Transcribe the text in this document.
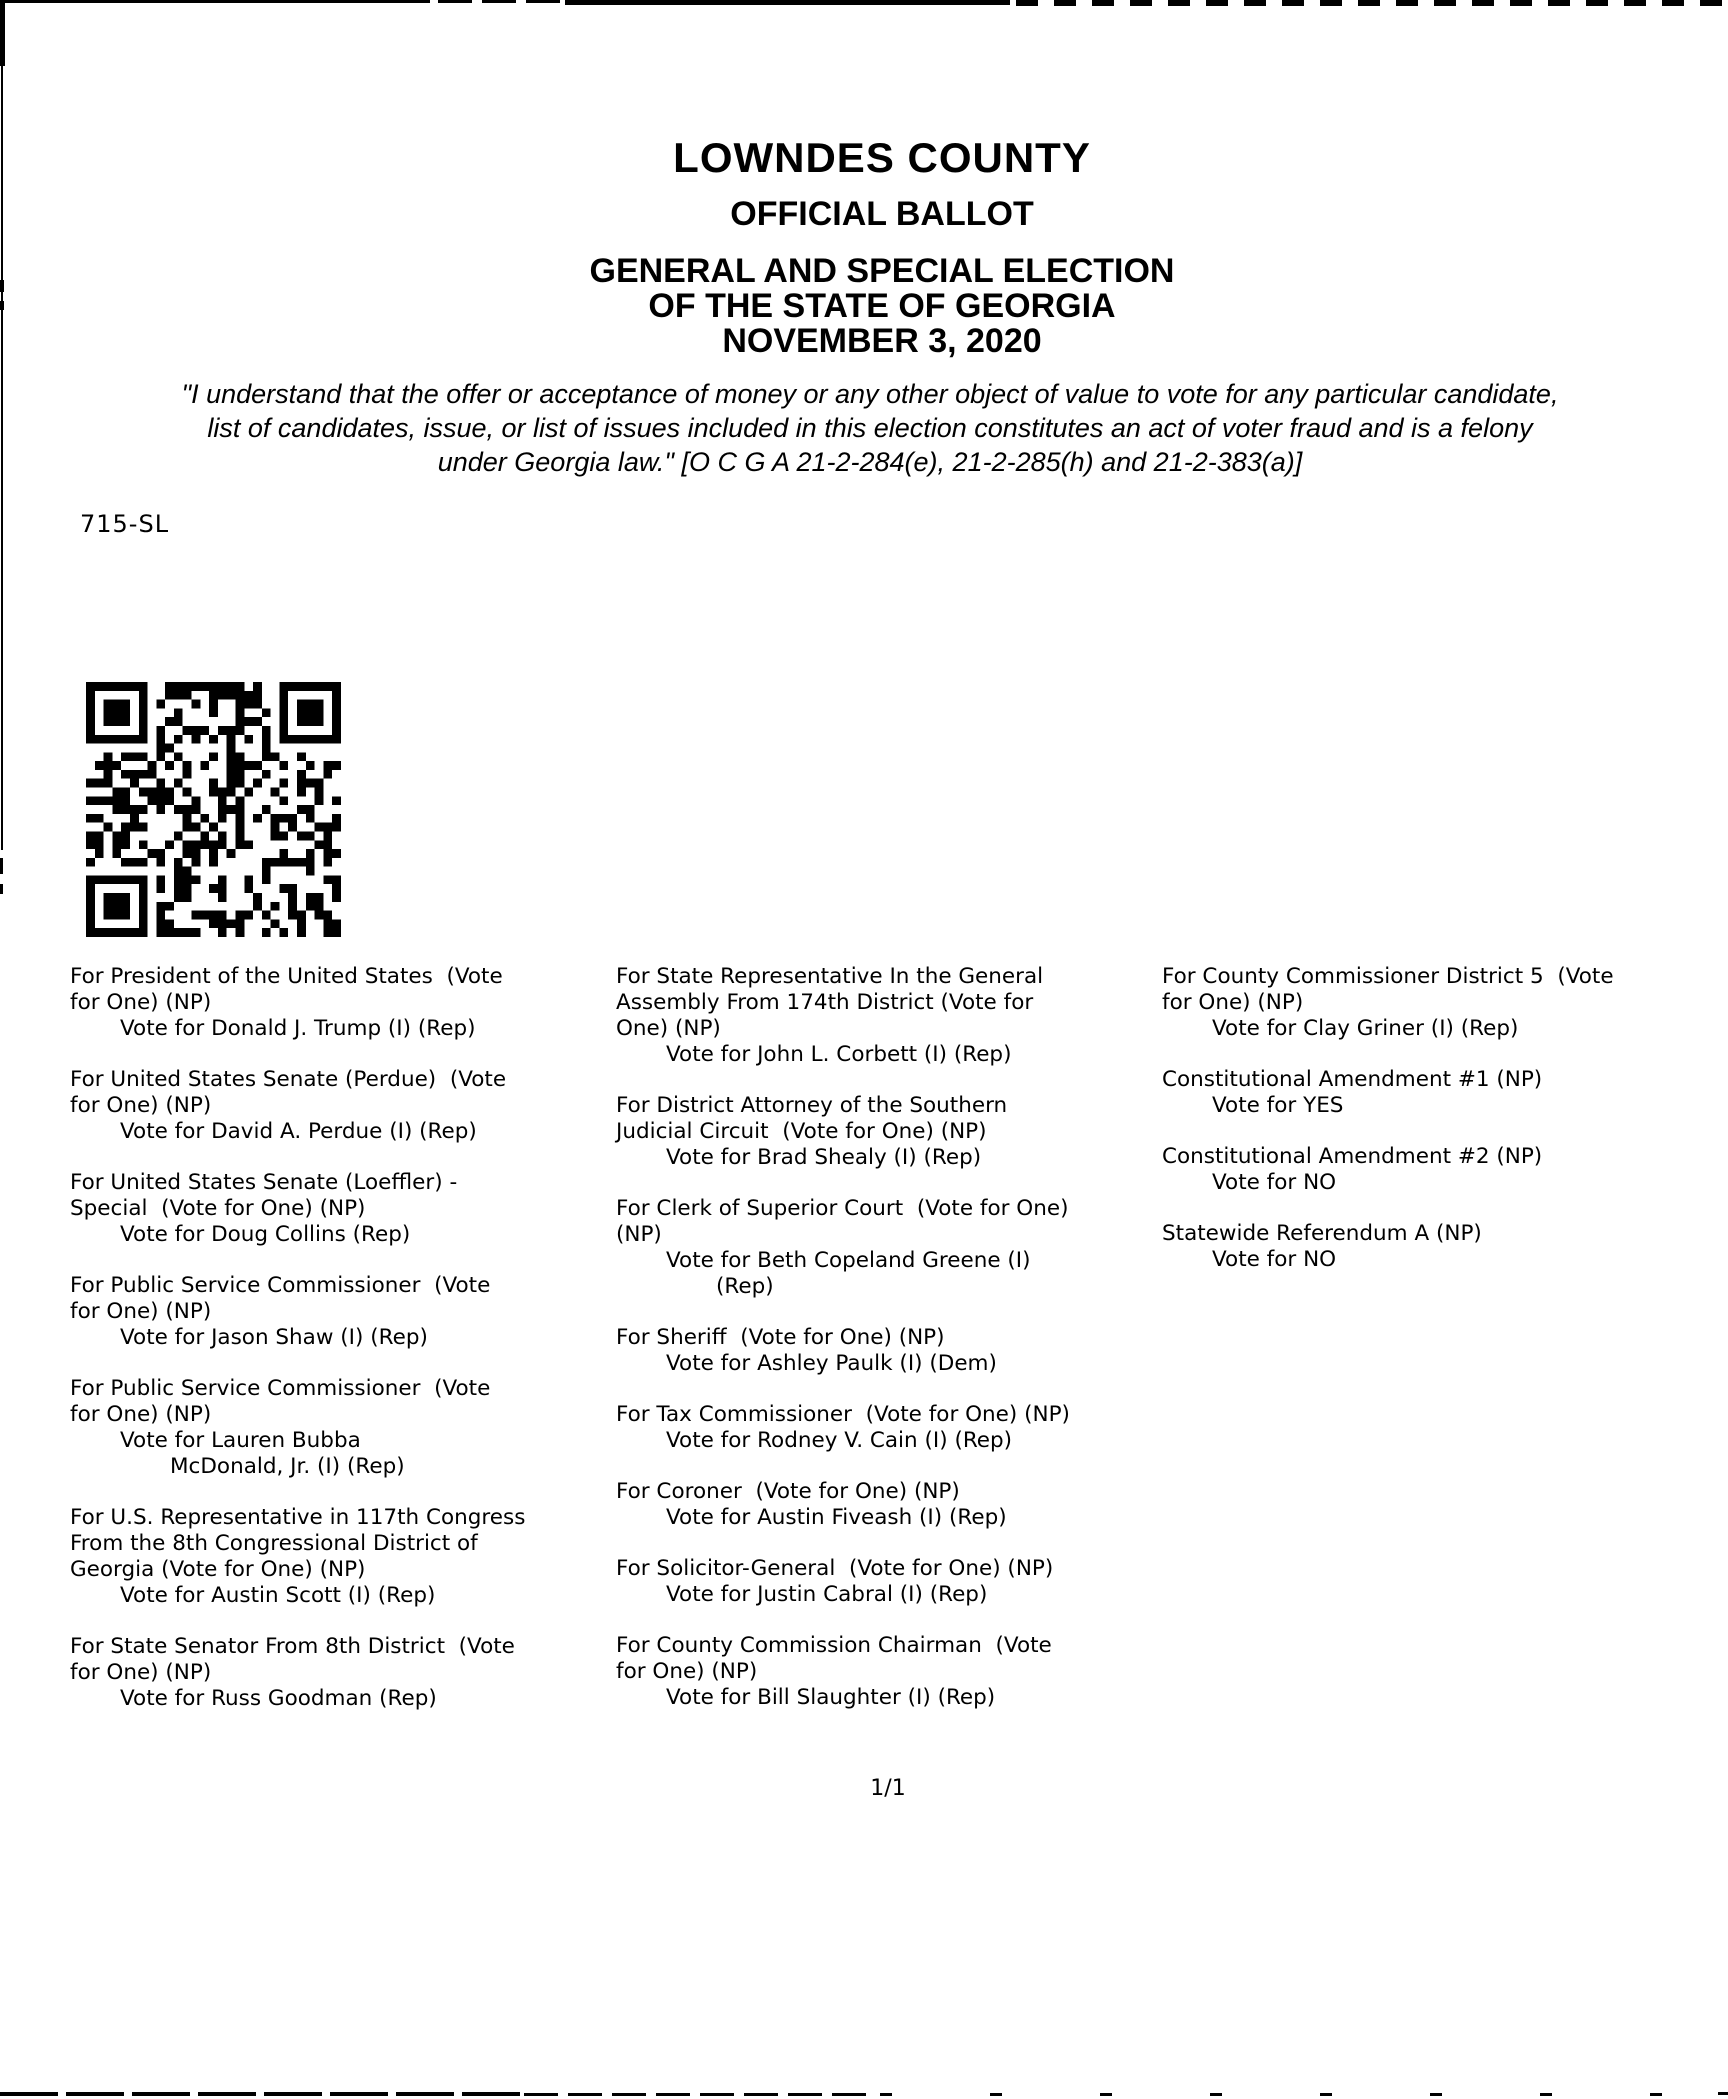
LOWNDES COUNTY
OFFICIAL BALLOT
GENERAL AND SPECIAL ELECTION
OF THE STATE OF GEORGIA
NOVEMBER 3, 2020
"I understand that the offer or acceptance of money or any other object of value to vote for any particular candidate,
list of candidates, issue, or list of issues included in this election constitutes an act of voter fraud and is a felony
under Georgia law." [O C G A 21-2-284(e), 21-2-285(h) and 21-2-383(a)]
715-SL
For President of the United States  (Vote
for One) (NP)
Vote for Donald J. Trump (I) (Rep)
For United States Senate (Perdue)  (Vote
for One) (NP)
Vote for David A. Perdue (I) (Rep)
For United States Senate (Loeffler) -
Special  (Vote for One) (NP)
Vote for Doug Collins (Rep)
For Public Service Commissioner  (Vote
for One) (NP)
Vote for Jason Shaw (I) (Rep)
For Public Service Commissioner  (Vote
for One) (NP)
Vote for Lauren Bubba
McDonald, Jr. (I) (Rep)
For U.S. Representative in 117th Congress
From the 8th Congressional District of
Georgia (Vote for One) (NP)
Vote for Austin Scott (I) (Rep)
For State Senator From 8th District  (Vote
for One) (NP)
Vote for Russ Goodman (Rep)
For State Representative In the General
Assembly From 174th District (Vote for
One) (NP)
Vote for John L. Corbett (I) (Rep)
For District Attorney of the Southern
Judicial Circuit  (Vote for One) (NP)
Vote for Brad Shealy (I) (Rep)
For Clerk of Superior Court  (Vote for One)
(NP)
Vote for Beth Copeland Greene (I)
(Rep)
For Sheriff  (Vote for One) (NP)
Vote for Ashley Paulk (I) (Dem)
For Tax Commissioner  (Vote for One) (NP)
Vote for Rodney V. Cain (I) (Rep)
For Coroner  (Vote for One) (NP)
Vote for Austin Fiveash (I) (Rep)
For Solicitor-General  (Vote for One) (NP)
Vote for Justin Cabral (I) (Rep)
For County Commission Chairman  (Vote
for One) (NP)
Vote for Bill Slaughter (I) (Rep)
For County Commissioner District 5  (Vote
for One) (NP)
Vote for Clay Griner (I) (Rep)
Constitutional Amendment #1 (NP)
Vote for YES
Constitutional Amendment #2 (NP)
Vote for NO
Statewide Referendum A (NP)
Vote for NO
1/1
